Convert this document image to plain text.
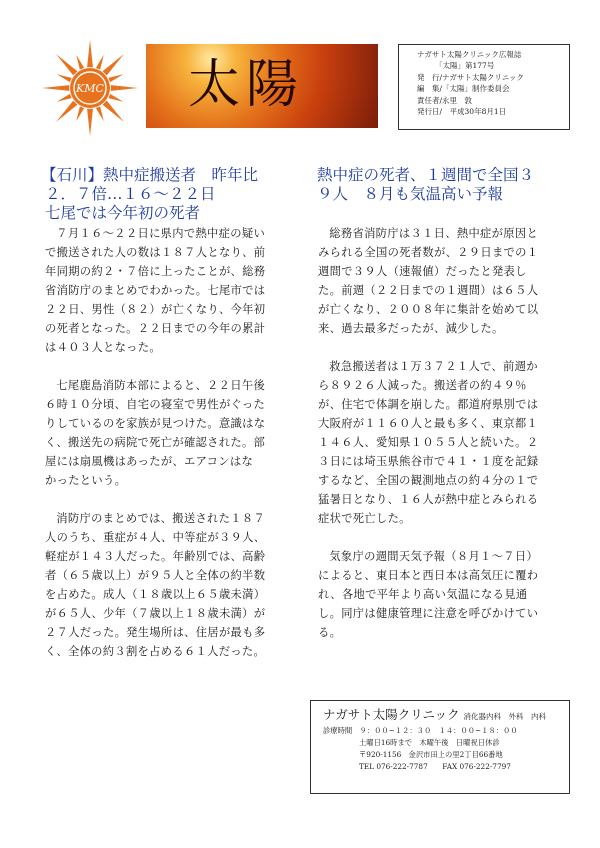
KMC 太陽
ナガサト太陽クリニック広報誌
「太陽」第177号
発　行/ナガサト太陽クリニック
編　集/「太陽」制作委員会
責任者/永里　敦
発行日/　平成30年8月1日
【石川】熱中症搬送者　昨年比
２．７倍…１６～２２日
七尾では今年初の死者

７月１６～２２日に県内で熱中症の疑い
で搬送された人の数は１８７人となり、前
年同期の約２・７倍に上ったことが、総務
省消防庁のまとめでわかった。七尾市では
２２日、男性（８２）が亡くなり、今年初
の死者となった。２２日までの今年の累計
は４０３人となった。

七尾鹿島消防本部によると、２２日午後
６時１０分頃、自宅の寝室で男性がぐった
りしているのを家族が見つけた。意識はな
く、搬送先の病院で死亡が確認された。部
屋には扇風機はあったが、エアコンはな
かったという。

消防庁のまとめでは、搬送された１８７
人のうち、重症が４人、中等症が３９人、
軽症が１４３人だった。年齢別では、高齢
者（６５歳以上）が９５人と全体の約半数
を占めた。成人（１８歳以上６５歳未満）
が６５人、少年（７歳以上１８歳未満）が
２７人だった。発生場所は、住居が最も多
く、全体の約３割を占める６１人だった。

熱中症の死者、１週間で全国３
９人　８月も気温高い予報

総務省消防庁は３１日、熱中症が原因と
みられる全国の死者数が、２９日までの１
週間で３９人（速報値）だったと発表し
た。前週（２２日までの１週間）は６５人
が亡くなり、２００８年に集計を始めて以
来、過去最多だったが、減少した。

救急搬送者は１万３７２１人で、前週か
ら８９２６人減った。搬送者の約４９％
が、住宅で体調を崩した。都道府県別では
大阪府が１１６０人と最も多く、東京都１
１４６人、愛知県１０５５人と続いた。２
３日には埼玉県熊谷市で４１・１度を記録
するなど、全国の観測地点の約４分の１で
猛暑日となり、１６人が熱中症とみられる
症状で死亡した。

気象庁の週間天気予報（８月１～７日）
によると、東日本と西日本は高気圧に覆わ
れ、各地で平年より高い気温になる見通
し。同庁は健康管理に注意を呼びかけてい
る。

ナガサト太陽クリニック 消化器内科　外科　内科
診療時間　９：００~１２：３０　１４：００~１８：００
土曜日16時まで　木曜午後　日曜祝日休診
〒920-1156　金沢市田上の里2丁目66番地
TEL 076-222-7787　　FAX 076-222-7797
